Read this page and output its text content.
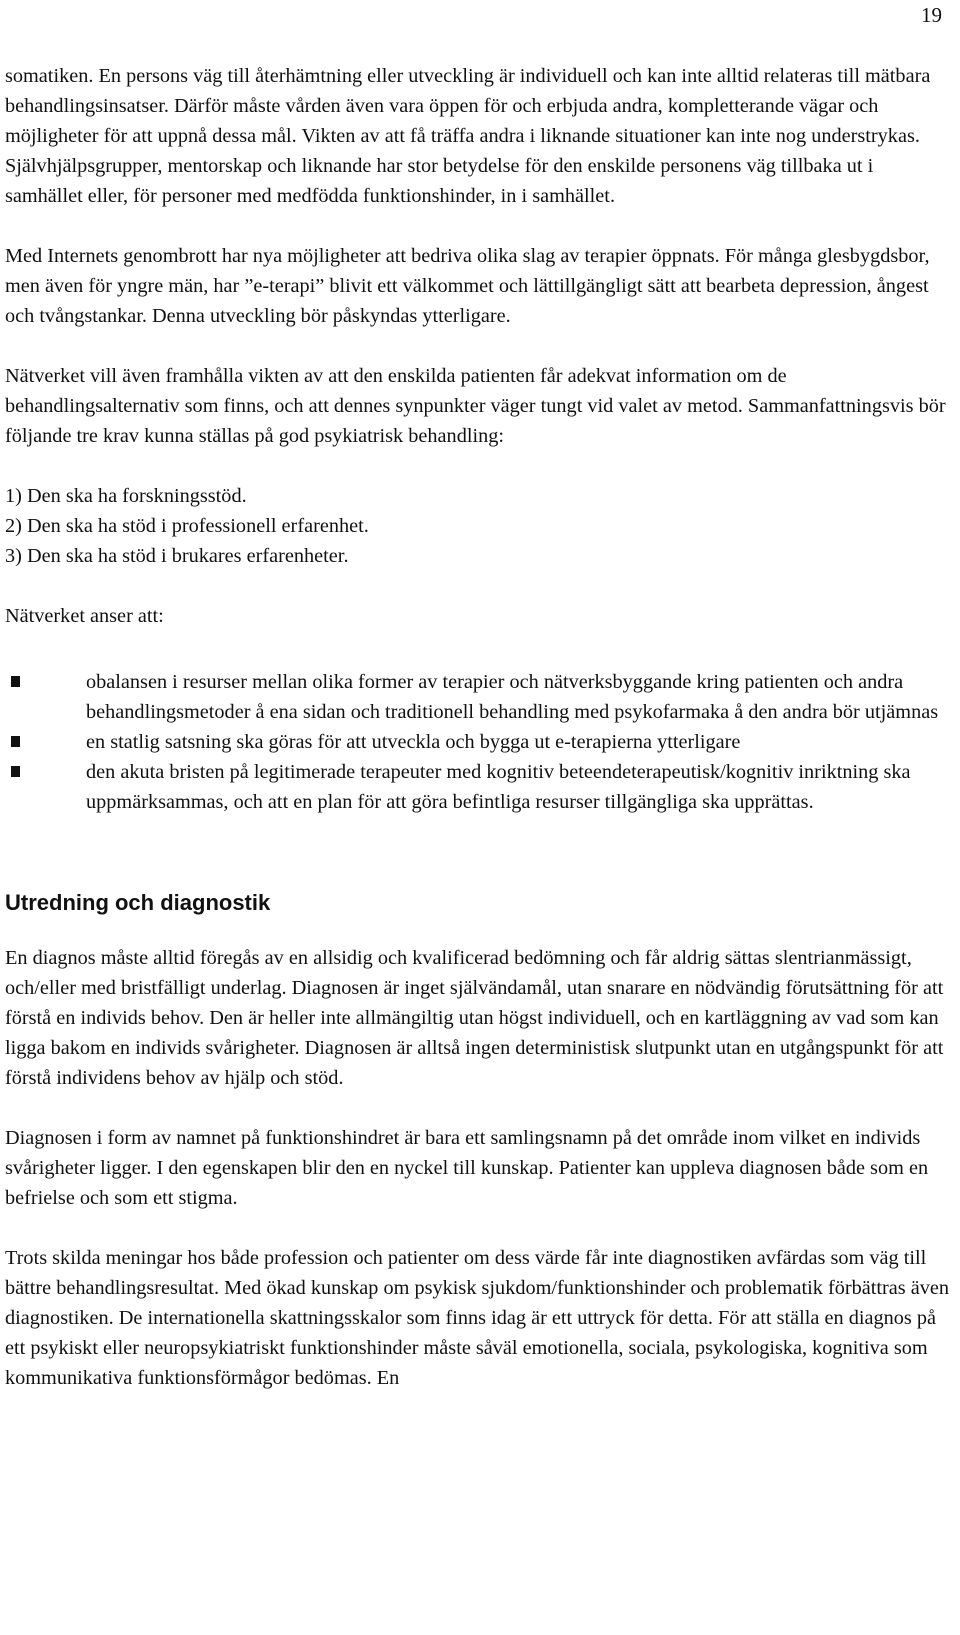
19

somatiken. En persons väg till återhämtning eller utveckling är individuell och kan inte alltid relateras till mätbara behandlingsinsatser. Därför måste vården även vara öppen för och erbjuda andra, kompletterande vägar och möjligheter för att uppnå dessa mål. Vikten av att få träffa andra i liknande situationer kan inte nog understrykas. Självhjälpsgrupper, mentorskap och liknande har stor betydelse för den enskilde personens väg tillbaka ut i samhället eller, för personer med medfödda funktionshinder, in i samhället.

Med Internets genombrott har nya möjligheter att bedriva olika slag av terapier öppnats. För många glesbygdsbor, men även för yngre män, har ”e-terapi” blivit ett välkommet och lättillgängligt sätt att bearbeta depression, ångest och tvångstankar. Denna utveckling bör påskyndas ytterligare.

Nätverket vill även framhålla vikten av att den enskilda patienten får adekvat information om de behandlingsalternativ som finns, och att dennes synpunkter väger tungt vid valet av metod. Sammanfattningsvis bör följande tre krav kunna ställas på god psykiatrisk behandling:

1) Den ska ha forskningsstöd.

2) Den ska ha stöd i professionell erfarenhet.

3) Den ska ha stöd i brukares erfarenheter.

Nätverket anser att:

obalansen i resurser mellan olika former av terapier och nätverksbyggande kring patienten och andra behandlingsmetoder å ena sidan och traditionell behandling med psykofarmaka å den andra bör utjämnas
en statlig satsning ska göras för att utveckla och bygga ut e-terapierna ytterligare
den akuta bristen på legitimerade terapeuter med kognitiv beteendeterapeutisk/kognitiv inriktning ska uppmärksammas, och att en plan för att göra befintliga resurser tillgängliga ska upprättas.
Utredning och diagnostik

En diagnos måste alltid föregås av en allsidig och kvalificerad bedömning och får aldrig sättas slentrianmässigt, och/eller med bristfälligt underlag. Diagnosen är inget självändamål, utan snarare en nödvändig förutsättning för att förstå en individs behov. Den är heller inte allmängiltig utan högst individuell, och en kartläggning av vad som kan ligga bakom en individs svårigheter. Diagnosen är alltså ingen deterministisk slutpunkt utan en utgångspunkt för att förstå individens behov av hjälp och stöd.

Diagnosen i form av namnet på funktionshindret är bara ett samlingsnamn på det område inom vilket en individs svårigheter ligger. I den egenskapen blir den en nyckel till kunskap. Patienter kan uppleva diagnosen både som en befrielse och som ett stigma.

Trots skilda meningar hos både profession och patienter om dess värde får inte diagnostiken avfärdas som väg till bättre behandlingsresultat. Med ökad kunskap om psykisk sjukdom/funktionshinder och problematik förbättras även diagnostiken. De internationella skattningsskalor som finns idag är ett uttryck för detta. För att ställa en diagnos på ett psykiskt eller neuropsykiatriskt funktionshinder måste såväl emotionella, sociala, psykologiska, kognitiva som kommunikativa funktionsförmågor bedömas. En
